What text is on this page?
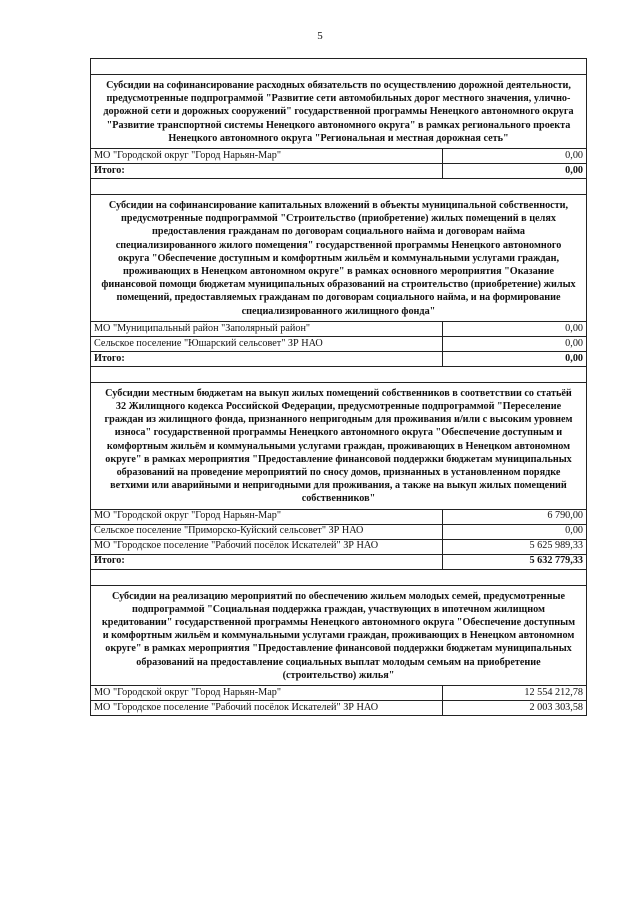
5

Субсидии на софинансирование расходных обязательств по осуществлению дорожной деятельности, предусмотренные подпрограммой "Развитие сети автомобильных дорог местного значения, улично-дорожной сети и дорожных сооружений" государственной программы Ненецкого автономного округа "Развитие транспортной системы Ненецкого автономного округа" в рамках регионального проекта Ненецкого автономного округа "Региональная и местная дорожная сеть"	
МО "Городской округ "Город Нарьян-Мар"	0,00
Итого:	0,00

Субсидии на софинансирование капитальных вложений в объекты муниципальной собственности, предусмотренные подпрограммой "Строительство (приобретение) жилых помещений в целях предоставления гражданам по договорам социального найма и договорам найма специализированного жилого помещения" государственной программы Ненецкого автономного округа "Обеспечение доступным и комфортным жильём и коммунальными услугами граждан, проживающих в Ненецком автономном округе" в рамках основного мероприятия "Оказание финансовой помощи бюджетам муниципальных образований на строительство (приобретение) жилых помещений, предоставляемых гражданам по договорам социального найма, и на формирование специализированного жилищного фонда"	
МО "Муниципальный район "Заполярный район"	0,00
Сельское поселение "Юшарский сельсовет" ЗР НАО	0,00
Итого:	0,00

Субсидии местным бюджетам на выкуп жилых помещений собственников в соответствии со статьёй 32 Жилищного кодекса Российской Федерации, предусмотренные подпрограммой "Переселение граждан из жилищного фонда, признанного непригодным для проживания и/или с высоким уровнем износа" государственной программы Ненецкого автономного округа "Обеспечение доступным и комфортным жильём и коммунальными услугами граждан, проживающих в Ненецком автономном округе" в рамках мероприятия "Предоставление финансовой поддержки бюджетам муниципальных образований на проведение мероприятий по сносу домов, признанных в установленном порядке ветхими или аварийными и непригодными для проживания, а также на выкуп жилых помещений собственников"	
МО "Городской округ "Город Нарьян-Мар"	6 790,00
Сельское поселение "Приморско-Куйский сельсовет" ЗР НАО	0,00
МО "Городское поселение "Рабочий посёлок Искателей" ЗР НАО	5 625 989,33
Итого:	5 632 779,33

Субсидии на реализацию мероприятий по обеспечению жильем молодых семей, предусмотренные подпрограммой "Социальная поддержка граждан, участвующих в ипотечном жилищном кредитовании" государственной программы Ненецкого автономного округа "Обеспечение доступным и комфортным жильём и коммунальными услугами граждан, проживающих в Ненецком автономном округе" в рамках мероприятия "Предоставление финансовой поддержки бюджетам муниципальных образований на предоставление социальных выплат молодым семьям на приобретение (строительство) жилья"	
МО "Городской округ "Город Нарьян-Мар"	12 554 212,78
МО "Городское поселение "Рабочий посёлок Искателей" ЗР НАО	2 003 303,58
